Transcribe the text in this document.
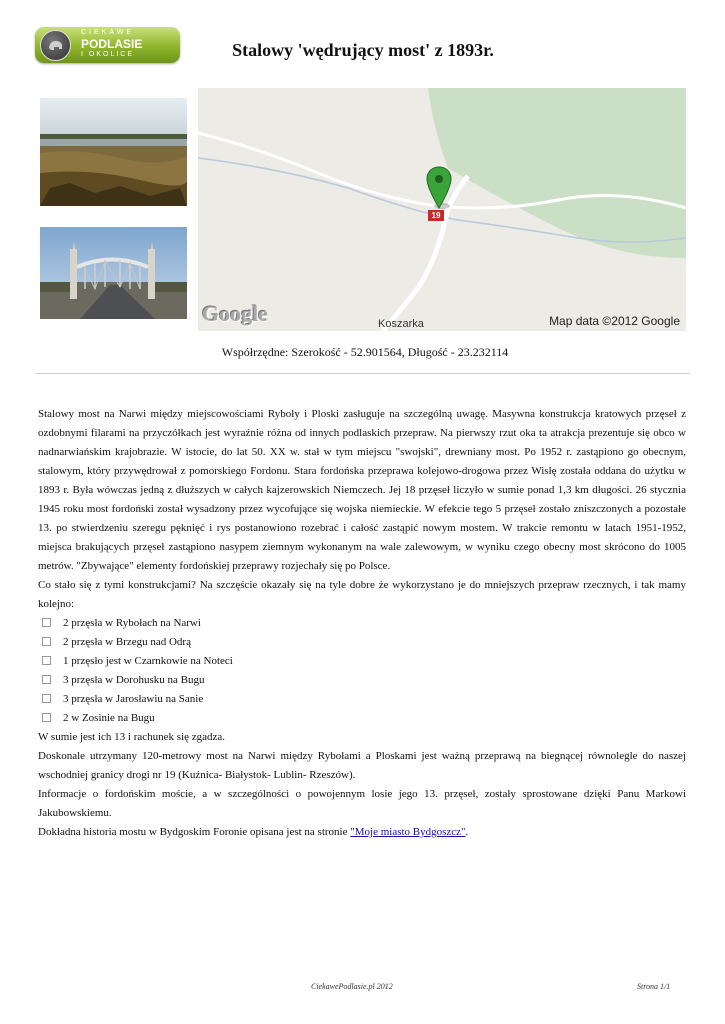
CIEKAWE
PODLASIE
I OKOLICE	Stalowy 'wędrujący most' z 1893r.
19
Koszarka
Google	Map data ©2012 Google
Współrzędne: Szerokość - 52.901564, Długość - 23.232114

Stalowy most na Narwi między miejscowościami Ryboły i Ploski zasługuje na szczególną uwagę. Masywna konstrukcja kratowych przęseł z ozdobnymi filarami na przyczółkach jest wyraźnie różna od innych podlaskich przepraw. Na pierwszy rzut oka ta atrakcja prezentuje się obco w nadnarwiańskim krajobrazie. W istocie, do lat 50. XX w. stał w tym miejscu "swojski", drewniany most. Po 1952 r. zastąpiono go obecnym, stalowym, który przywędrował z pomorskiego Fordonu. Stara fordońska przeprawa kolejowo-drogowa przez Wisłę została oddana do użytku w 1893 r. Była wówczas jedną z dłuższych w całych kajzerowskich Niemczech. Jej 18 przęseł liczyło w sumie ponad 1,3 km długości. 26 stycznia 1945 roku most fordoński został wysadzony przez wycofujące się wojska niemieckie. W efekcie tego 5 przęseł zostało zniszczonych a pozostałe 13. po stwierdzeniu szeregu pęknięć i rys postanowiono rozebrać i całość zastąpić nowym mostem. W trakcie remontu w latach 1951-1952, miejsca brakujących przęseł zastąpiono nasypem ziemnym wykonanym na wale zalewowym, w wyniku czego obecny most skrócono do 1005 metrów. "Zbywające" elementy fordońskiej przeprawy rozjechały się po Polsce.

Co stało się z tymi konstrukcjami? Na szczęście okazały się na tyle dobre że wykorzystano je do mniejszych przepraw rzecznych, i tak mamy kolejno:

2 przęsła w Rybołach na Narwi
2 przęsła w Brzegu nad Odrą
1 przęsło jest w Czarnkowie na Noteci
3 przęsła w Dorohusku na Bugu
3 przęsła w Jarosławiu na Sanie
2 w Zosinie na Bugu

W sumie jest ich 13 i rachunek się zgadza.

Doskonale utrzymany 120-metrowy most na Narwi między Rybołami a Ploskami jest ważną przeprawą na biegnącej równolegle do naszej wschodniej granicy drogi nr 19 (Kuźnica- Białystok- Lublin- Rzeszów).

Informacje o fordońskim moście, a w szczególności o powojennym losie jego 13. przęseł, zostały sprostowane dzięki Panu Markowi Jakubowskiemu.

Dokładna historia mostu w Bydgoskim Foronie opisana jest na stronie "Moje miasto Bydgoszcz".

CiekawePodlasie.pl 2012	Strona 1/1
